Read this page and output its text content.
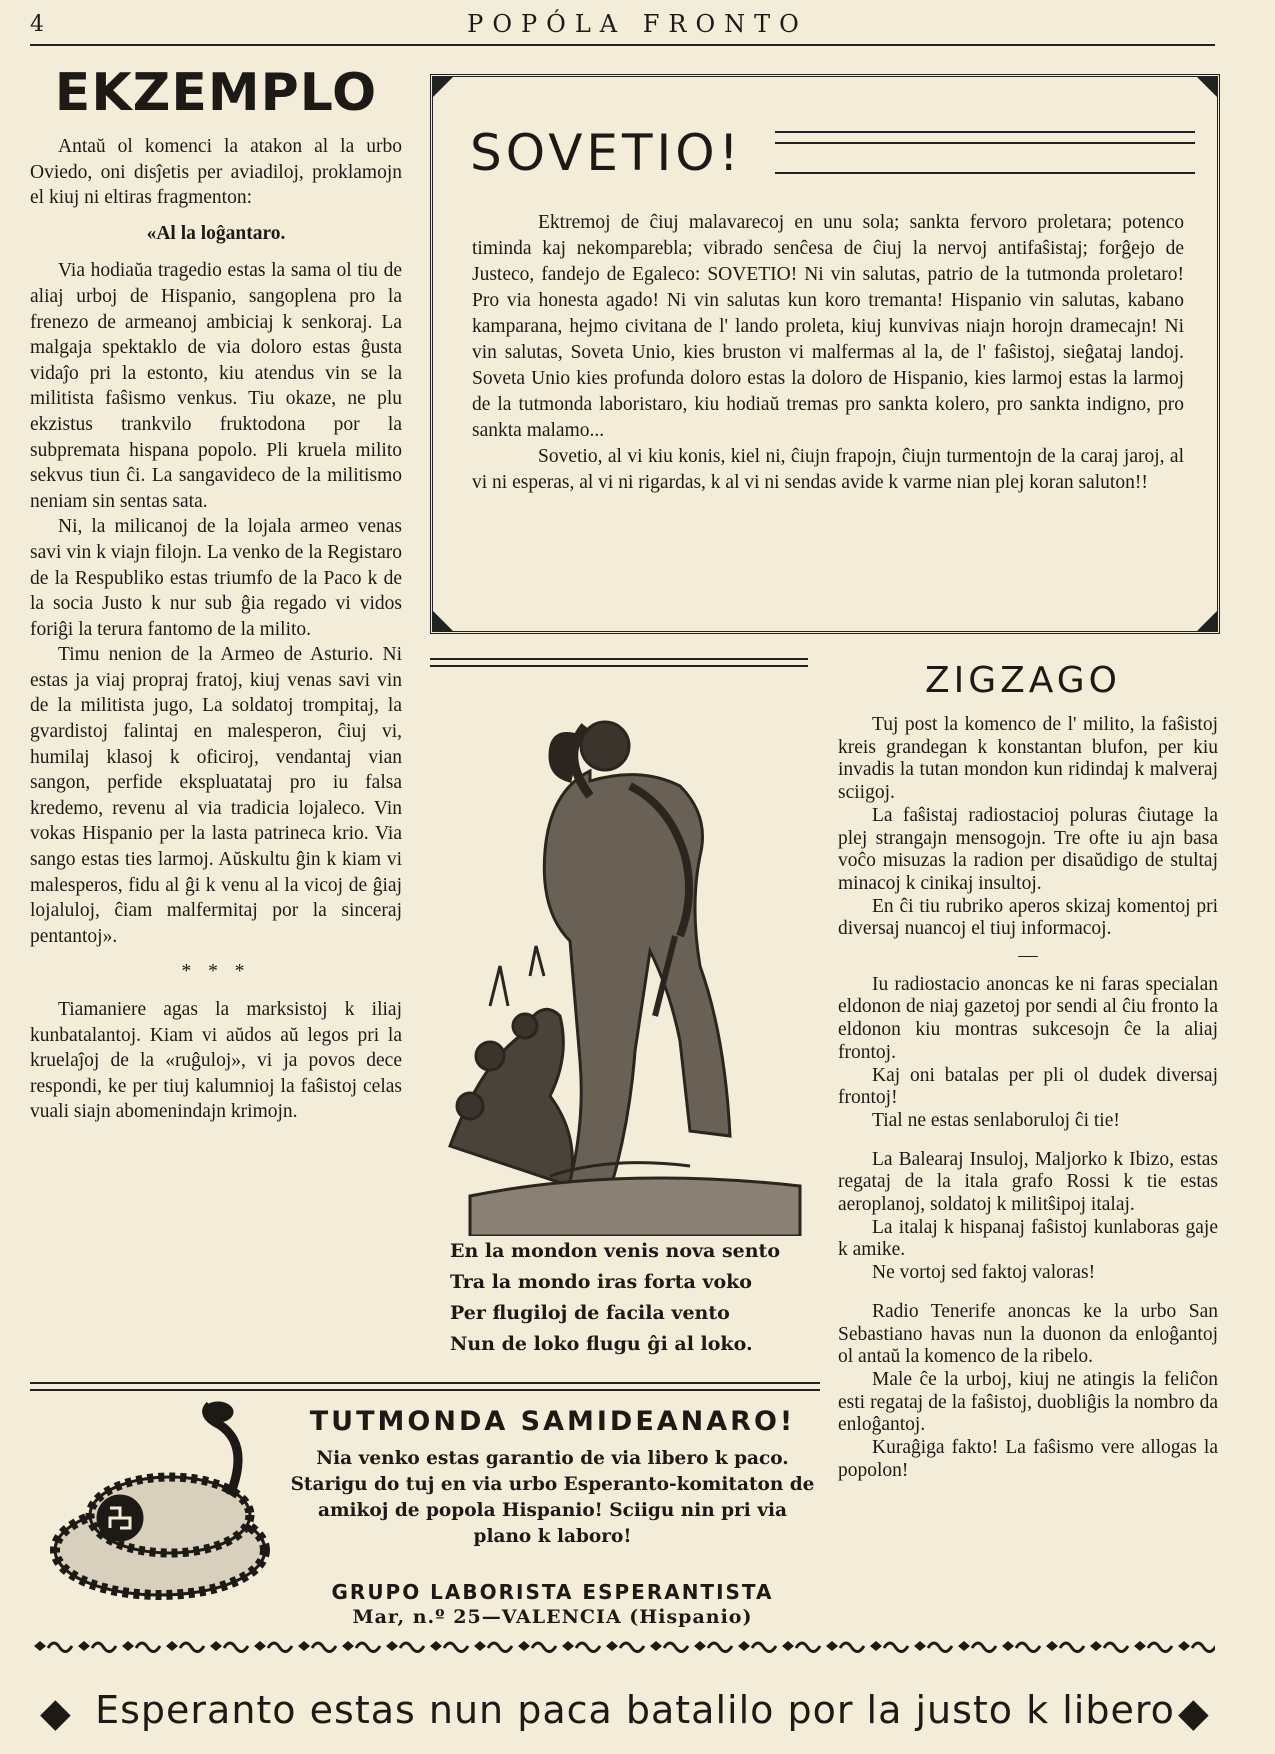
4	POPÓLA FRONTO
EKZEMPLO

Antaŭ ol komenci la atakon al la urbo Oviedo, oni disĵetis per aviadiloj, proklamojn el kiuj ni eltiras fragmenton:

«Al la loĝantaro.

Via hodiaŭa tragedio estas la sama ol tiu de aliaj urboj de Hispanio, sangoplena pro la frenezo de armeanoj ambiciaj k senkoraj. La malgaja spektaklo de via doloro estas ĝusta vidaĵo pri la estonto, kiu atendus vin se la militista faŝismo venkus. Tiu okaze, ne plu ekzistus trankvilo fruktodona por la subpremata hispana popolo. Pli kruela milito sekvus tiun ĉi. La sangavideco de la militismo neniam sin sentas sata.

Ni, la milicanoj de la lojala armeo venas savi vin k viajn filojn. La venko de la Registaro de la Respubliko estas triumfo de la Paco k de la socia Justo k nur sub ĝia regado vi vidos foriĝi la terura fantomo de la milito.

Timu nenion de la Armeo de Asturio. Ni estas ja viaj propraj fratoj, kiuj venas savi vin de la militista jugo, La soldatoj trompitaj, la gvardistoj falintaj en malesperon, ĉiuj vi, humilaj klasoj k oficiroj, vendantaj vian sangon, perfide ekspluatataj pro iu falsa kredemo, revenu al via tradicia lojaleco. Vin vokas Hispanio per la lasta patrineca krio. Via sango estas ties larmoj. Aŭskultu ĝin k kiam vi malesperos, fidu al ĝi k venu al la vicoj de ĝiaj lojaluloj, ĉiam malfermitaj por la sinceraj pentantoj».

* * *

Tiamaniere agas la marksistoj k iliaj kunbatalantoj. Kiam vi aŭdos aŭ legos pri la kruelaĵoj de la «ruĝuloj», vi ja povos dece respondi, ke per tiuj kalumnioj la faŝistoj celas vuali siajn abomenindajn krimojn.

SOVETIO!

Ektremoj de ĉiuj malavarecoj en unu sola; sankta fervoro proletara; potenco timinda kaj nekomparebla; vibrado senĉesa de ĉiuj la nervoj antifaŝistaj; forĝejo de Justeco, fandejo de Egaleco: SOVETIO! Ni vin salutas, patrio de la tutmonda proletaro! Pro via honesta agado! Ni vin salutas kun koro tremanta! Hispanio vin salutas, kabano kamparana, hejmo civitana de l' lando proleta, kiuj kunvivas niajn horojn dramecajn! Ni vin salutas, Soveta Unio, kies bruston vi malfermas al la, de l' faŝistoj, sieĝataj landoj. Soveta Unio kies profunda doloro estas la doloro de Hispanio, kies larmoj estas la larmoj de la tutmonda laboristaro, kiu hodiaŭ tremas pro sankta kolero, pro sankta indigno, pro sankta malamo...

Sovetio, al vi kiu konis, kiel ni, ĉiujn frapojn, ĉiujn turmentojn de la caraj jaroj, al vi ni esperas, al vi ni rigardas, k al vi ni sendas avide k varme nian plej koran saluton!!

En la mondon venis nova sento
Tra la mondo iras forta voko
Per flugiloj de facila vento
Nun de loko flugu ĝi al loko.
ZIGZAGO

Tuj post la komenco de l' milito, la faŝistoj kreis grandegan k konstantan blufon, per kiu invadis la tutan mondon kun ridindaj k malveraj sciigoj.

La faŝistaj radiostacioj poluras ĉiutage la plej strangajn mensogojn. Tre ofte iu ajn basa voĉo misuzas la radion per disaŭdigo de stultaj minacoj k cinikaj insultoj.

En ĉi tiu rubriko aperos skizaj komentoj pri diversaj nuancoj el tiuj informacoj.

—

Iu radiostacio anoncas ke ni faras specialan eldonon de niaj gazetoj por sendi al ĉiu fronto la eldonon kiu montras sukcesojn ĉe la aliaj frontoj.

Kaj oni batalas per pli ol dudek diversaj frontoj!

Tial ne estas senlaboruloj ĉi tie!

La Balearaj Insuloj, Maljorko k Ibizo, estas regataj de la itala grafo Rossi k tie estas aeroplanoj, soldatoj k militŝipoj italaj.

La italaj k hispanaj faŝistoj kunlaboras gaje k amike.

Ne vortoj sed faktoj valoras!

Radio Tenerife anoncas ke la urbo San Sebastiano havas nun la duonon da enloĝantoj ol antaŭ la komenco de la ribelo.

Male ĉe la urboj, kiuj ne atingis la feliĉon esti regataj de la faŝistoj, duobliĝis la nombro da enloĝantoj.

Kuraĝiga fakto! La faŝismo vere allogas la popolon!

TUTMONDA SAMIDEANARO!
Nia venko estas garantio de via libero k paco. Starigu do tuj en via urbo Esperanto-komitaton de amikoj de popola Hispanio! Sciigu nin pri via plano k laboro!
GRUPO LABORISTA ESPERANTISTA
Mar, n.º 25—VALENCIA (Hispanio)
◆ Esperanto estas nun paca batalilo por la justo k libero ◆
